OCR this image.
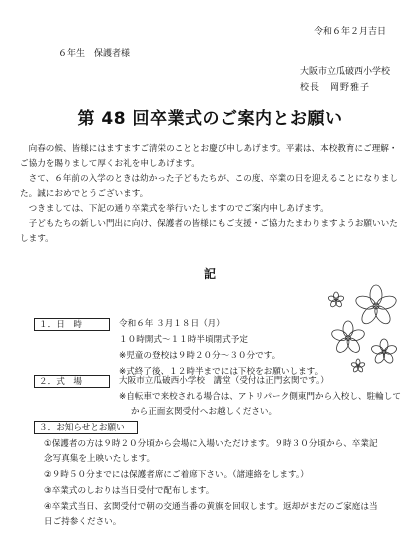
令和６年２月吉日
６年生　保護者様
大阪市立瓜破西小学校
校長　岡野雅子
第 48 回卒業式のご案内とお願い

　向春の候、皆様にはますますご清栄のこととお慶び申しあげます。平素は、本校教育にご理解・ご協力を賜りまして厚くお礼を申しあげます。

　さて、６年前の入学のときは幼かった子どもたちが、この度、卒業の日を迎えることになりました。誠におめでとうございます。

　つきましては、下記の通り卒業式を挙行いたしますのでご案内申しあげます。

　子どもたちの新しい門出に向け、保護者の皆様にもご支援・ご協力たまわりますようお願いいたします。

記
１．日　時	令和６年 ３月１８日（月）
１０時開式～１１時半頃閉式予定
※児童の登校は９時２０分～３０分です。
※式終了後、１２時半までには下校をお願いします。
２．式　場	大阪市立瓜破西小学校　講堂（受付は正門玄関です。）
※自転車で来校される場合は、アトリパーク側東門から入校し、駐輪して
から正面玄関受付へお越しください。
３．お知らせとお願い
①保護者の方は９時２０分頃から会場に入場いただけます。９時３０分頃から、卒業記念写真集を上映いたします。
②９時５０分までには保護者席にご着席下さい。（諸連絡をします。）
③卒業式のしおりは当日受付で配布します。
④卒業式当日、玄関受付で朝の交通当番の黄旗を回収します。返却がまだのご家庭は当日ご持参ください。
